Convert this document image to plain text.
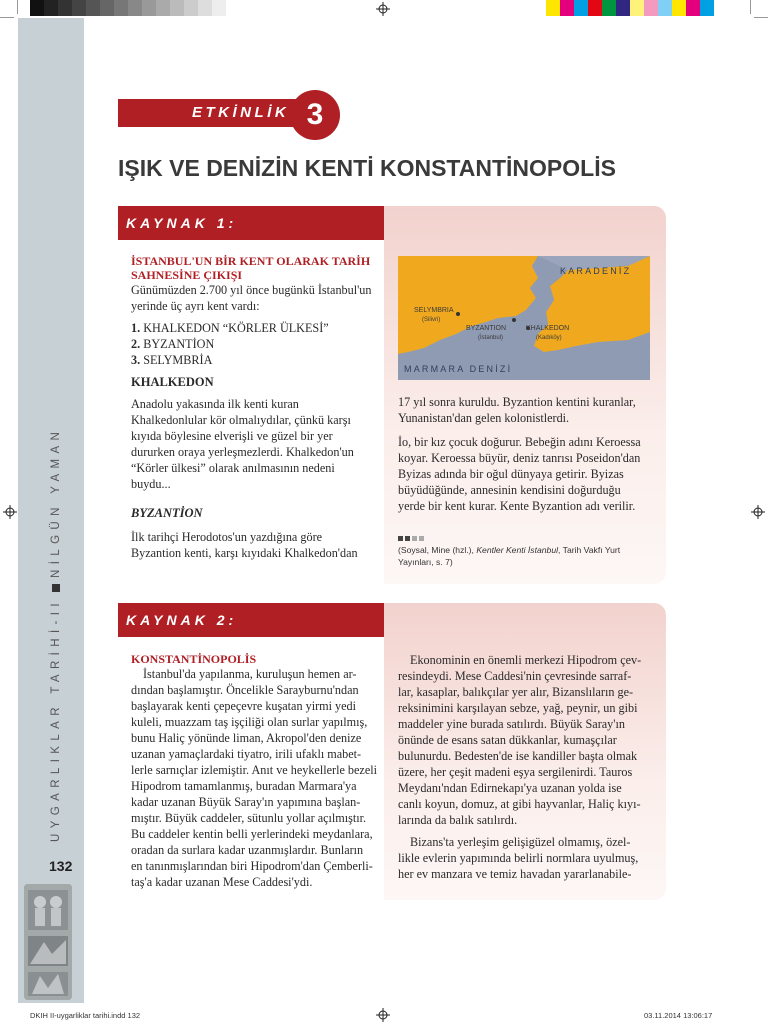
UYGARLIKLAR TARİHİ-IINİLGÜN YAMAN
132
ETKİNLİK 3
IŞIK VE DENİZİN KENTİ KONSTANTİNOPOLİS
KAYNAK 1:

İSTANBUL'UN BİR KENT OLARAK TARİH

SAHNESİNE ÇIKIŞI

Günümüzden 2.700 yıl önce bugünkü İstanbul'un yerinde üç ayrı kent vardı:

1. KHALKEDON “KÖRLER ÜLKESİ”

2. BYZANTİON

3. SELYMBRİA

KHALKEDON

Anadolu yakasında ilk kenti kuran Khalkedonlular kör olmalıydılar, çünkü karşı kıyıda böylesine elverişli ve güzel bir yer dururken oraya yerleşmezlerdi. Khalkedon'un “Körler ülkesi” olarak anılmasının nedeni buydu...

BYZANTİON

İlk tarihçi Herodotos'un yazdığına göre Byzantion kenti, karşı kıyıdaki Khalkedon'dan

KARADENİZ
MARMARA DENİZİ
SELYMBRIA
(Silivri)
BYZANTION
(İstanbul)
KHALKEDON
(Kadıköy)

17 yıl sonra kuruldu. Byzantion kentini kuranlar, Yunanistan'dan gelen kolonistlerdi.

İo, bir kız çocuk doğurur. Bebeğin adını Keroessa koyar. Keroessa büyür, deniz tanrısı Poseidon'dan Byizas adında bir oğul dünyaya getirir. Byizas büyüdüğünde, annesinin kendisini doğurduğu yerde bir kent kurar. Kente Byzantion adı verilir.

(Soysal, Mine (hzl.), Kentler Kenti İstanbul, Tarih Vakfı Yurt Yayınları, s. 7)
KAYNAK 2:

KONSTANTİNOPOLİS

İstanbul'da yapılanma, kuruluşun hemen ar-
dından başlamıştır. Öncelikle Sarayburnu'ndan
başlayarak kenti çepeçevre kuşatan yirmi yedi
kuleli, muazzam taş işçiliği olan surlar yapılmış,
bunu Haliç yönünde liman, Akropol'den denize
uzanan yamaçlardaki tiyatro, irili ufaklı mabet-
lerle sarnıçlar izlemiştir. Anıt ve heykellerle bezeli
Hipodrom tamamlanmış, buradan Marmara'ya
kadar uzanan Büyük Saray'ın yapımına başlan-
mıştır. Büyük caddeler, sütunlu yollar açılmıştır.
Bu caddeler kentin belli yerlerindeki meydanlara,
oradan da surlara kadar uzanmışlardır. Bunların
en tanınmışlarından biri Hipodrom'dan Çemberli-
taş'a kadar uzanan Mese Caddesi'ydi.
Ekonominin en önemli merkezi Hipodrom çev-
resindeydi. Mese Caddesi'nin çevresinde sarraf-
lar, kasaplar, balıkçılar yer alır, Bizanslıların ge-
reksinimini karşılayan sebze, yağ, peynir, un gibi
maddeler yine burada satılırdı. Büyük Saray'ın
önünde de esans satan dükkanlar, kumaşçılar
bulunurdu. Bedesten'de ise kandiller başta olmak
üzere, her çeşit madeni eşya sergilenirdi. Tauros
Meydanı'ndan Edirnekapı'ya uzanan yolda ise
canlı koyun, domuz, at gibi hayvanlar, Haliç kıyı-
larında da balık satılırdı.
Bizans'ta yerleşim gelişigüzel olmamış, özel-
likle evlerin yapımında belirli normlara uyulmuş,
her ev manzara ve temiz havadan yararlanabile-
DKIH II-uygarliklar tarihi.indd 132	03.11.2014 13:06:17
